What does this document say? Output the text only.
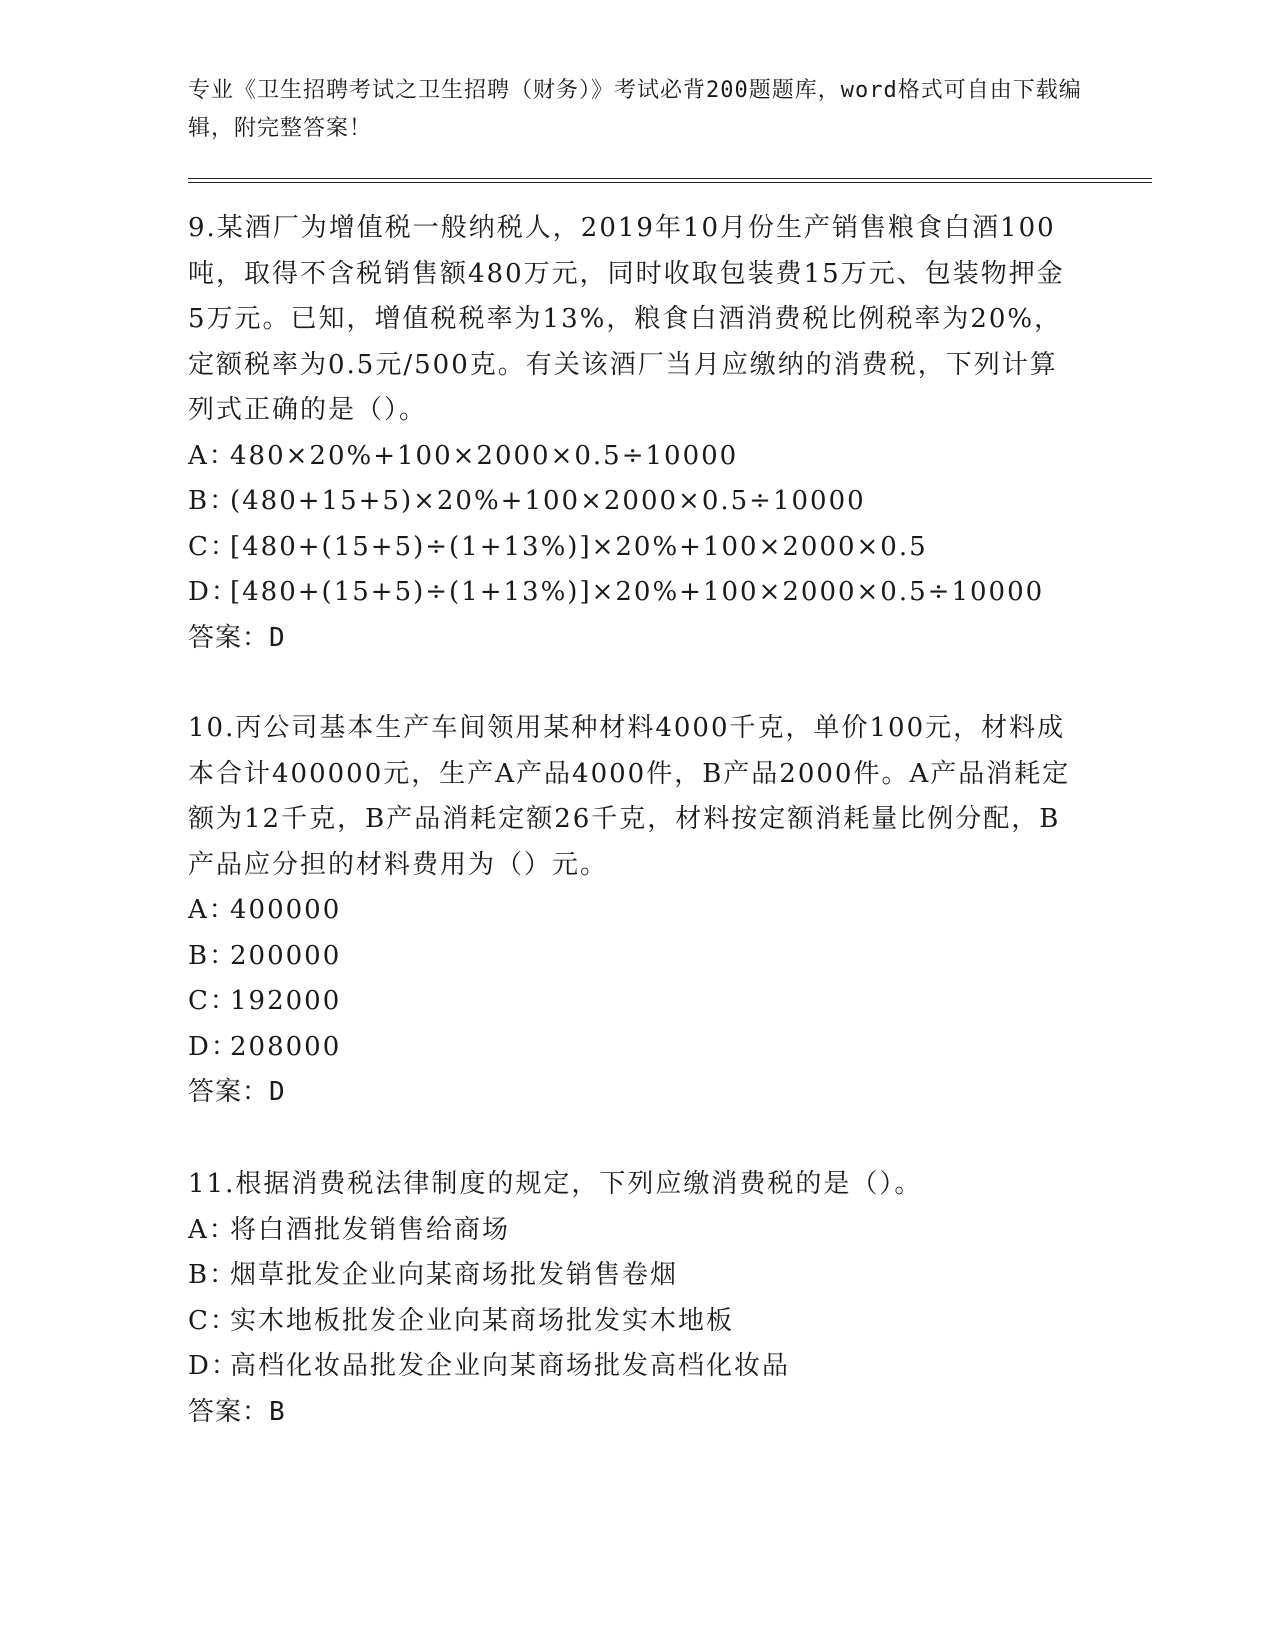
专业《卫生招聘考试之卫生招聘（财务）》考试必背200题题库，word格式可自由下载编辑，附完整答案！

9.某酒厂为增值税一般纳税人，2019年10月份生产销售粮食白酒100吨，取得不含税销售额480万元，同时收取包装费15万元、包装物押金5万元。已知，增值税税率为13%，粮食白酒消费税比例税率为20%，定额税率为0.5元/500克。有关该酒厂当月应缴纳的消费税，下列计算列式正确的是（）。

A：480×20%+100×2000×0.5÷10000

B：(480+15+5)×20%+100×2000×0.5÷10000

C：[480+(15+5)÷(1+13%)]×20%+100×2000×0.5

D：[480+(15+5)÷(1+13%)]×20%+100×2000×0.5÷10000

答案：D

10.丙公司基本生产车间领用某种材料4000千克，单价100元，材料成本合计400000元，生产A产品4000件，B产品2000件。A产品消耗定额为12千克，B产品消耗定额26千克，材料按定额消耗量比例分配，B产品应分担的材料费用为（）元。

A：400000

B：200000

C：192000

D：208000

答案：D

11.根据消费税法律制度的规定，下列应缴消费税的是（）。

A：将白酒批发销售给商场

B：烟草批发企业向某商场批发销售卷烟

C：实木地板批发企业向某商场批发实木地板

D：高档化妆品批发企业向某商场批发高档化妆品

答案：B
